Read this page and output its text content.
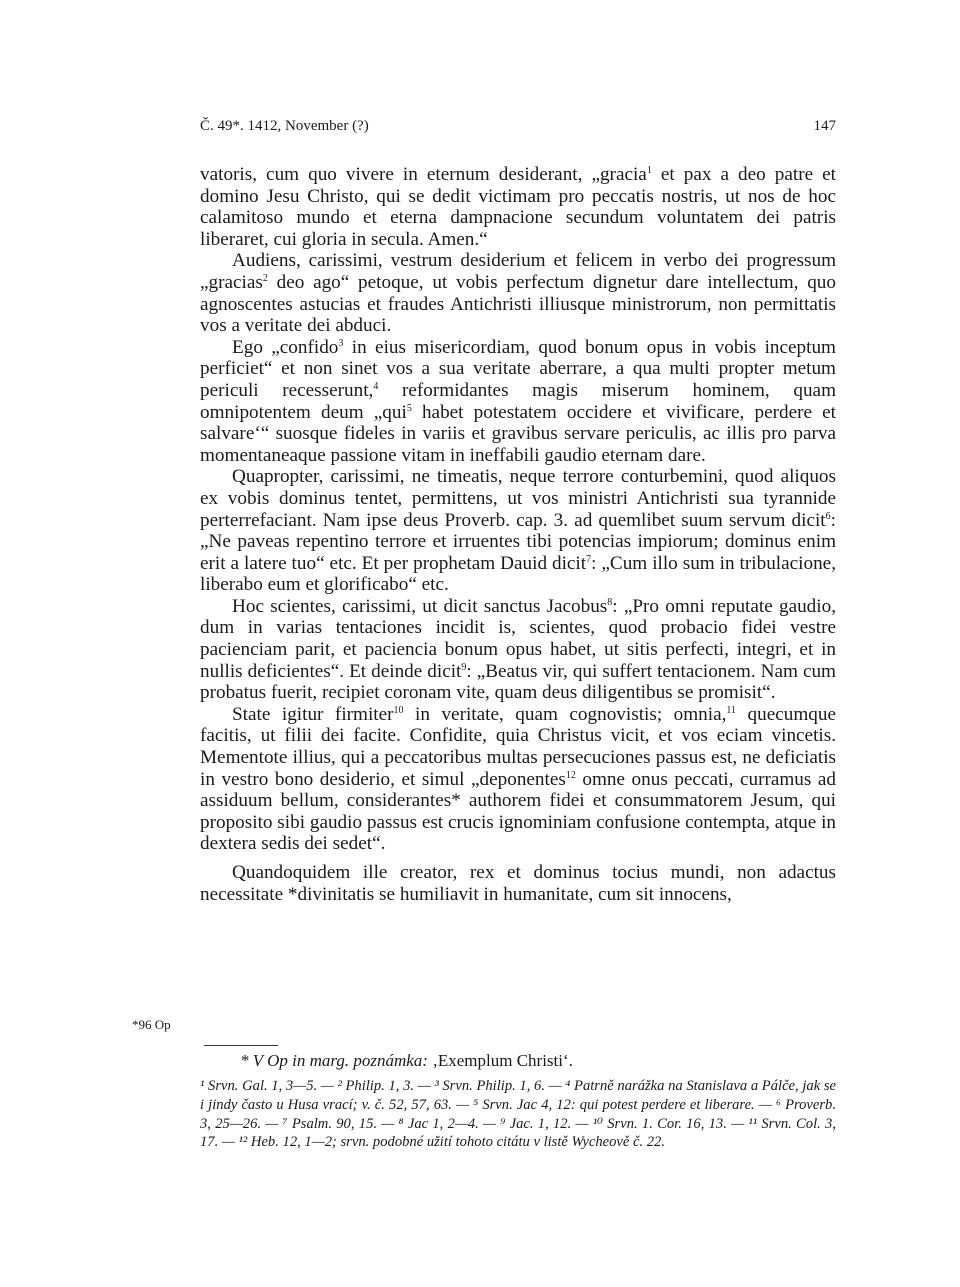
Č. 49*. 1412, November (?)	147

vatoris, cum quo vivere in eternum desiderant, „gracia$^1$ et pax a deo patre et domino Jesu Christo, qui se dedit victimam pro peccatis nostris, ut nos de hoc calamitoso mundo et eterna dampnacione secundum voluntatem dei patris liberaret, cui gloria in secula. Amen.“

Audiens, carissimi, vestrum desiderium et felicem in verbo dei progressum „gracias$^2$ deo ago“ petoque, ut vobis perfectum dignetur dare intellectum, quo agnoscentes astucias et fraudes Antichristi illiusque ministrorum, non permittatis vos a veritate dei abduci.

Ego „confido$^3$ in eius misericordiam, quod bonum opus in vobis inceptum perficiet“ et non sinet vos a sua veritate aberrare, a qua multi propter metum periculi recesserunt,$^4$ reformidantes magis miserum hominem, quam omnipotentem deum „qui$^5$ habet potestatem occidere et vivificare, perdere et salvare‘“ suosque fideles in variis et gravibus servare periculis, ac illis pro parva momentaneaque passione vitam in ineffabili gaudio eternam dare.

Quapropter, carissimi, ne timeatis, neque terrore conturbemini, quod aliquos ex vobis dominus tentet, permittens, ut vos ministri Antichristi sua tyrannide perterrefaciant. Nam ipse deus Proverb. cap. 3. ad quemlibet suum servum dicit$^6$: „Ne paveas repentino terrore et irruentes tibi potencias impiorum; dominus enim erit a latere tuo“ etc. Et per prophetam Dauid dicit$^7$: „Cum illo sum in tribulacione, liberabo eum et glorificabo“ etc.

Hoc scientes, carissimi, ut dicit sanctus Jacobus$^8$: „Pro omni reputate gaudio, dum in varias tentaciones incidit is, scientes, quod probacio fidei vestre pacienciam parit, et paciencia bonum opus habet, ut sitis perfecti, integri, et in nullis deficientes“. Et deinde dicit$^9$: „Beatus vir, qui suffert tentacionem. Nam cum probatus fuerit, recipiet coronam vite, quam deus diligentibus se promisit“.

State igitur firmiter$^{10}$ in veritate, quam cognovistis; omnia,$^{11}$ quecumque facitis, ut filii dei facite. Confidite, quia Christus vicit, et vos eciam vincetis. Mementote illius, qui a peccatoribus multas persecuciones passus est, ne deficiatis in vestro bono desiderio, et simul „deponentes$^{12}$ omne onus peccati, curramus ad assiduum bellum, considerantes* authorem fidei et consummatorem Jesum, qui proposito sibi gaudio passus est crucis ignominiam confusione contempta, atque in dextera sedis dei sedet“.

Quandoquidem ille creator, rex et dominus tocius mundi, non adactus necessitate *divinitatis se humiliavit in humanitate, cum sit innocens,

*96 Op
* V Op in marg. poznámka: ‚Exemplum Christi‘.
¹ Srvn. Gal. 1, 3—5. — ² Philip. 1, 3. — ³ Srvn. Philip. 1, 6. — ⁴ Patrně narážka na Stanislava a Pálče, jak se i jindy často u Husa vrací; v. č. 52, 57, 63. — ⁵ Srvn. Jac 4, 12: qui potest perdere et liberare. — ⁶ Proverb. 3, 25—26. — ⁷ Psalm. 90, 15. — ⁸ Jac 1, 2—4. — ⁹ Jac. 1, 12. — ¹⁰ Srvn. 1. Cor. 16, 13. — ¹¹ Srvn. Col. 3, 17. — ¹² Heb. 12, 1—2; srvn. podobné užití tohoto citátu v listě Wycheově č. 22.
